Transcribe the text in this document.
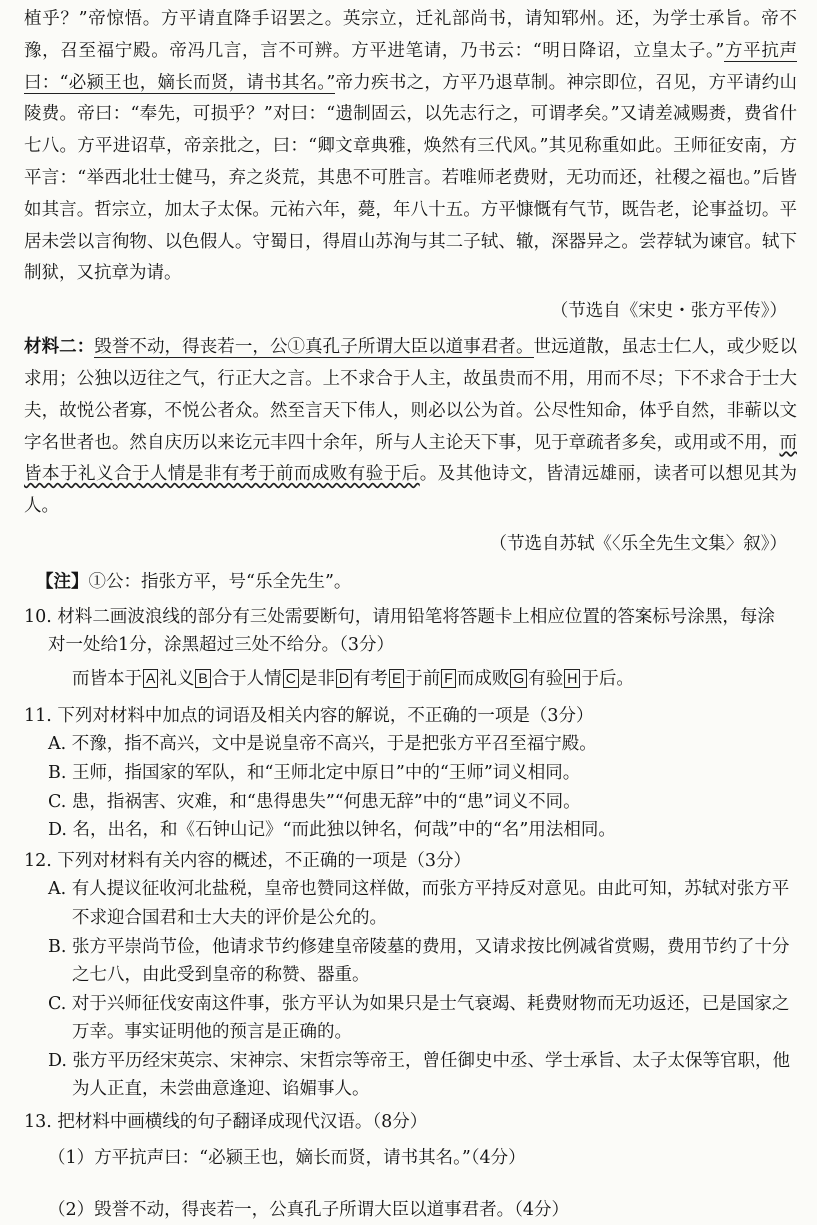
植乎？”帝惊悟。方平请直降手诏罢之。英宗立，迁礼部尚书，请知郓州。还，为学士承旨。帝不豫，召至福宁殿。帝冯几言，言不可辨。方平进笔请，乃书云：“明日降诏，立皇太子。”方平抗声曰：“必颍王也，嫡长而贤，请书其名。”帝力疾书之，方平乃退草制。神宗即位，召见，方平请约山陵费。帝曰：“奉先，可损乎？”对曰：“遗制固云，以先志行之，可谓孝矣。”又请差减赐赉，费省什七八。方平进诏草，帝亲批之，曰：“卿文章典雅，焕然有三代风。”其见称重如此。王师征安南，方平言：“举西北壮士健马，弃之炎荒，其患不可胜言。若唯师老费财，无功而还，社稷之福也。”后皆如其言。哲宗立，加太子太保。元祐六年，薨，年八十五。方平慷慨有气节，既告老，论事益切。平居未尝以言徇物、以色假人。守蜀日，得眉山苏洵与其二子轼、辙，深器异之。尝荐轼为谏官。轼下制狱，又抗章为请。

（节选自《宋史・张方平传》）

材料二：毁誉不动，得丧若一，公①真孔子所谓大臣以道事君者。世远道散，虽志士仁人，或少贬以求用；公独以迈往之气，行正大之言。上不求合于人主，故虽贵而不用，用而不尽；下不求合于士大夫，故悦公者寡，不悦公者众。然至言天下伟人，则必以公为首。公尽性知命，体乎自然，非蕲以文字名世者也。然自庆历以来讫元丰四十余年，所与人主论天下事，见于章疏者多矣，或用或不用，而皆本于礼义合于人情是非有考于前而成败有验于后。及其他诗文，皆清远雄丽，读者可以想见其为人。

（节选自苏轼《〈乐全先生文集〉叙》）

【注】①公：指张方平，号“乐全先生”。

10. 材料二画波浪线的部分有三处需要断句，请用铅笔将答题卡上相应位置的答案标号涂黑，每涂

对一处给1分，涂黑超过三处不给分。（3分）

而皆本于 A 礼义 B 合于人情 C 是非 D 有考 E 于前 F 而成败 G 有验 H 于后。

11. 下列对材料中加点的词语及相关内容的解说，不正确的一项是（3分）

A. 不豫，指不高兴，文中是说皇帝不高兴，于是把张方平召至福宁殿。

B. 王师，指国家的军队，和“王师北定中原日”中的“王师”词义相同。

C. 患，指祸害、灾难，和“患得患失”“何患无辞”中的“患”词义不同。

D. 名，出名，和《石钟山记》“而此独以钟名，何哉”中的“名”用法相同。

12. 下列对材料有关内容的概述，不正确的一项是（3分）

A. 有人提议征收河北盐税，皇帝也赞同这样做，而张方平持反对意见。由此可知，苏轼对张方平不求迎合国君和士大夫的评价是公允的。

B. 张方平崇尚节俭，他请求节约修建皇帝陵墓的费用，又请求按比例减省赏赐，费用节约了十分之七八，由此受到皇帝的称赞、器重。

C. 对于兴师征伐安南这件事，张方平认为如果只是士气衰竭、耗费财物而无功返还，已是国家之万幸。事实证明他的预言是正确的。

D. 张方平历经宋英宗、宋神宗、宋哲宗等帝王，曾任御史中丞、学士承旨、太子太保等官职，他为人正直，未尝曲意逢迎、谄媚事人。

13. 把材料中画横线的句子翻译成现代汉语。（8分）

（1）方平抗声曰：“必颍王也，嫡长而贤，请书其名。”（4分）

（2）毁誉不动，得丧若一，公真孔子所谓大臣以道事君者。（4分）
